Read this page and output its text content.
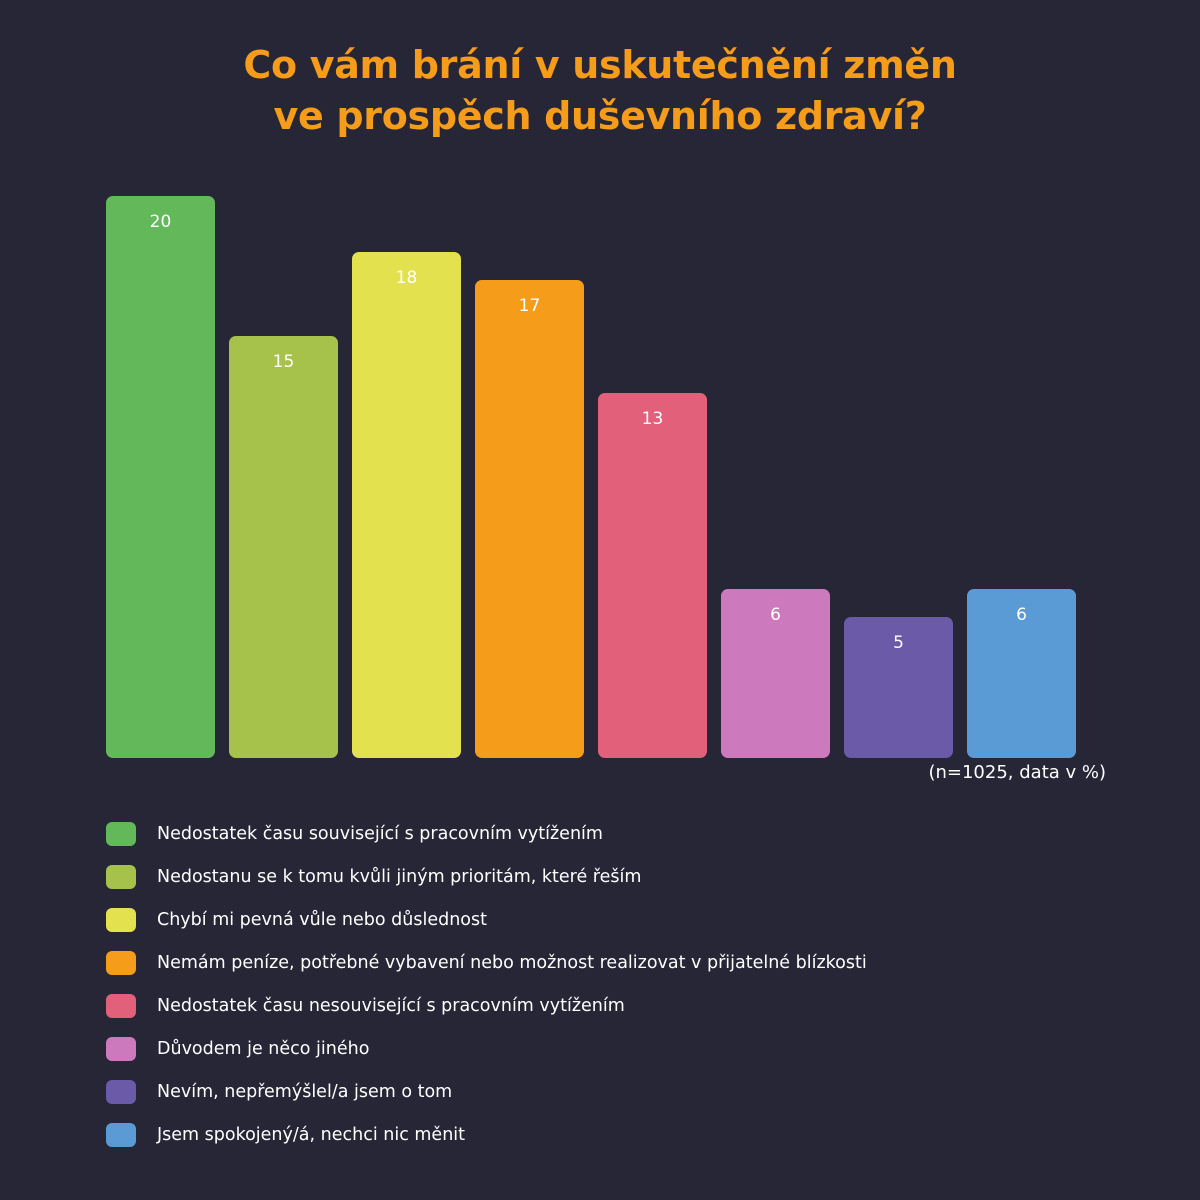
Co vám brání v uskutečnění změn
ve prospěch duševního zdraví?
20
15
18
17
13
6
5
6
(n=1025, data v %)
Nedostatek času související s pracovním vytížením
Nedostanu se k tomu kvůli jiným prioritám, které řeším
Chybí mi pevná vůle nebo důslednost
Nemám peníze, potřebné vybavení nebo možnost realizovat v přijatelné blízkosti
Nedostatek času nesouvisející s pracovním vytížením
Důvodem je něco jiného
Nevím, nepřemýšlel/a jsem o tom
Jsem spokojený/á, nechci nic měnit
